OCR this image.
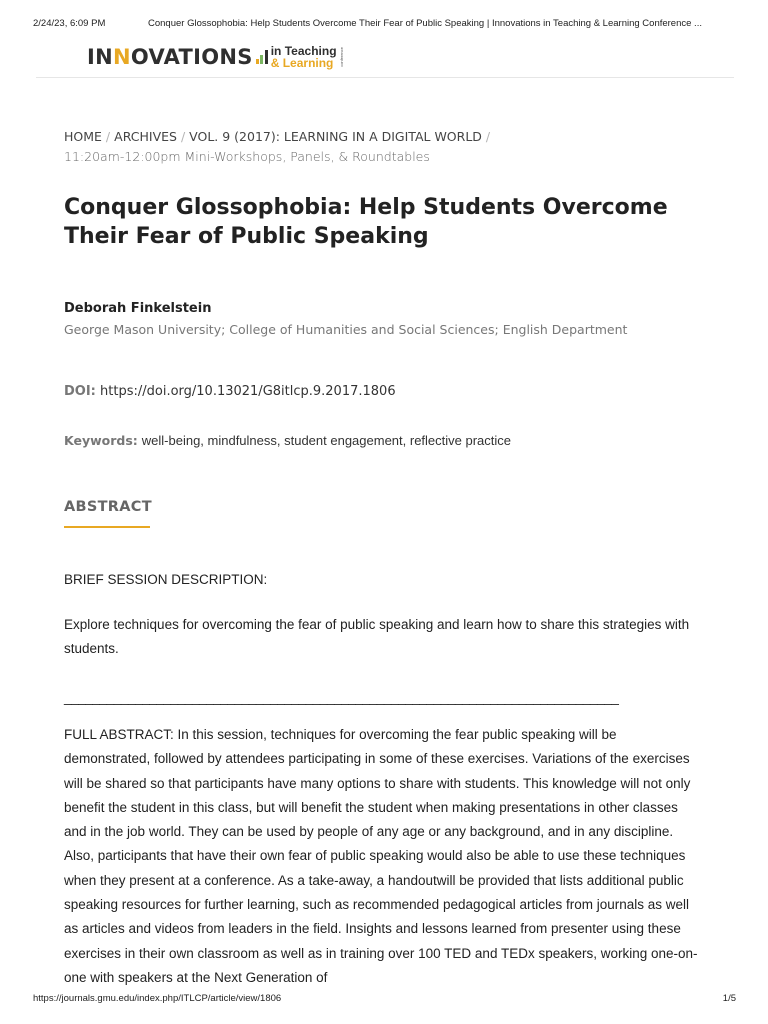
2/24/23, 6:09 PM	Conquer Glossophobia: Help Students Overcome Their Fear of Public Speaking | Innovations in Teaching & Learning Conference ...
INNOVATIONS in Teaching
& Learning	conference
HOME / ARCHIVES / VOL. 9 (2017): LEARNING IN A DIGITAL WORLD /
11:20am-12:00pm Mini-Workshops, Panels, & Roundtables
Conquer Glossophobia: Help Students Overcome Their Fear of Public Speaking
Deborah Finkelstein
George Mason University; College of Humanities and Social Sciences; English Department
DOI: https://doi.org/10.13021/G8itlcp.9.2017.1806
Keywords: well-being, mindfulness, student engagement, reflective practice
ABSTRACT

BRIEF SESSION DESCRIPTION:

Explore techniques for overcoming the fear of public speaking and learn how to share this strategies with students.

______________________________________________________________________________

FULL ABSTRACT: In this session, techniques for overcoming the fear public speaking will be demonstrated, followed by attendees participating in some of these exercises. Variations of the exercises will be shared so that participants have many options to share with students. This knowledge will not only benefit the student in this class, but will benefit the student when making presentations in other classes and in the job world. They can be used by people of any age or any background, and in any discipline. Also, participants that have their own fear of public speaking would also be able to use these techniques when they present at a conference. As a take-away, a handoutwill be provided that lists additional public speaking resources for further learning, such as recommended pedagogical articles from journals as well as articles and videos from leaders in the field. Insights and lessons learned from presenter using these exercises in their own classroom as well as in training over 100 TED and TEDx speakers, working one-on-one with speakers at the Next Generation of

https://journals.gmu.edu/index.php/ITLCP/article/view/1806	1/5
